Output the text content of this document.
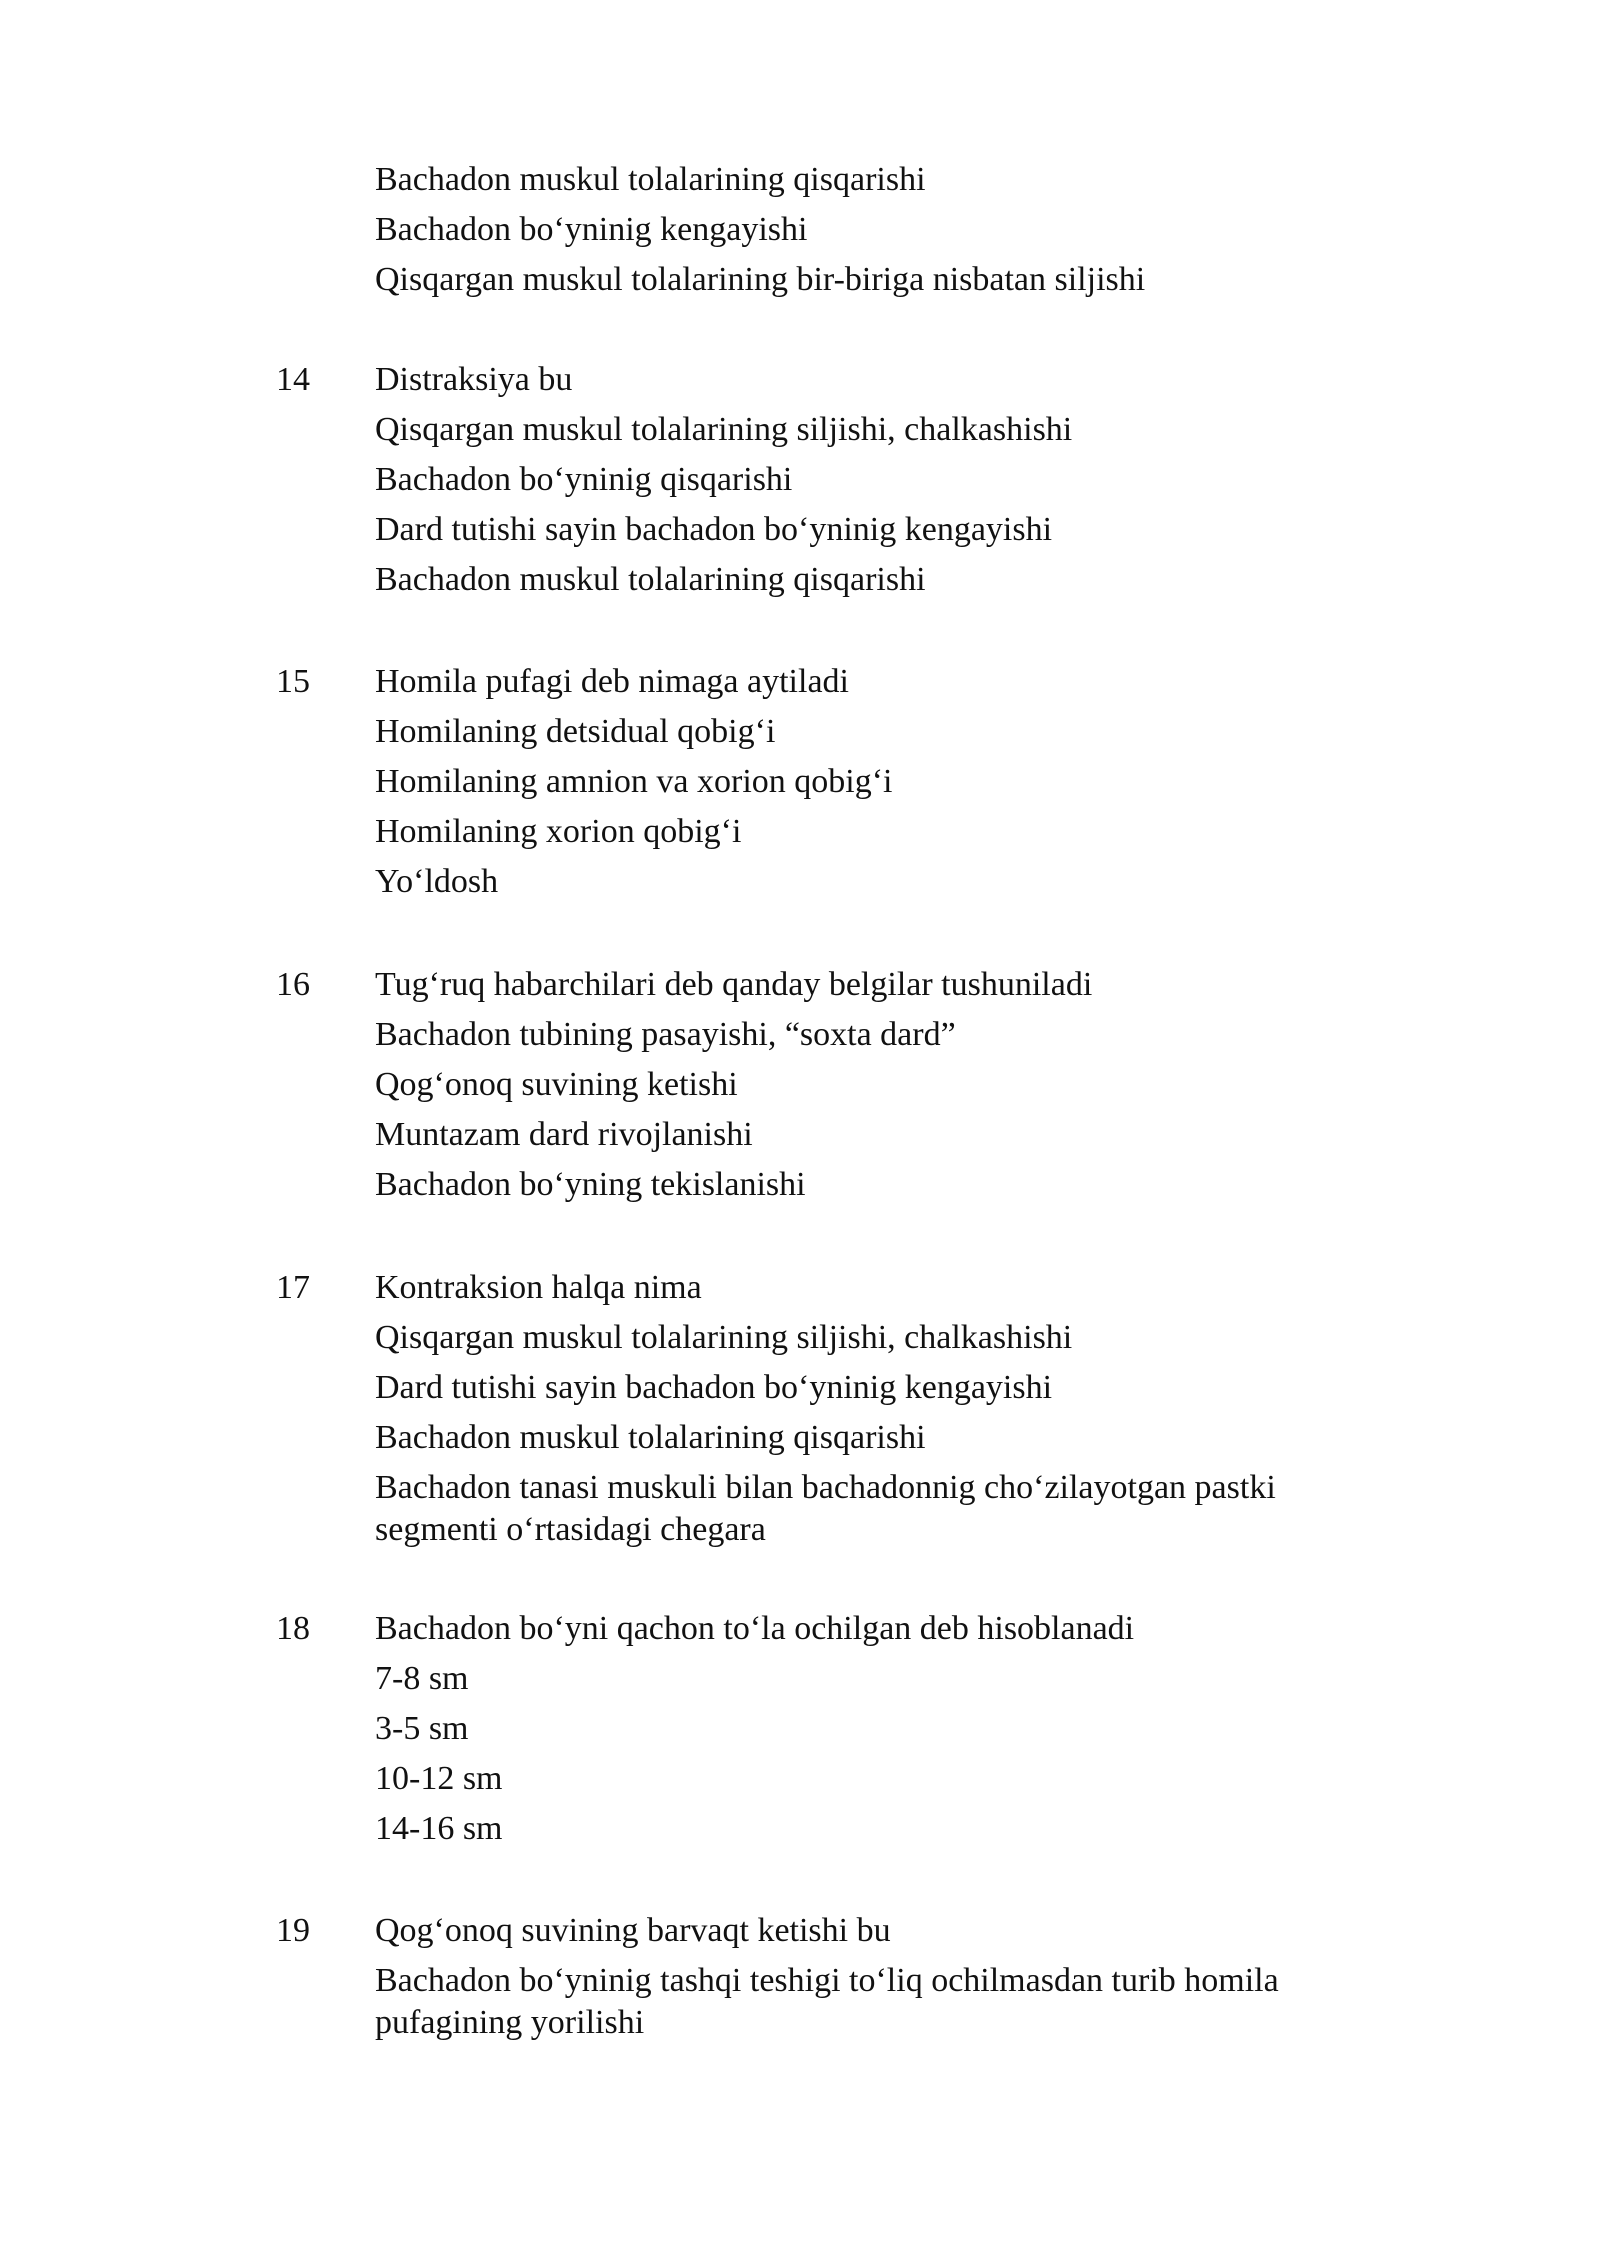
Bachadon muskul tolalarining qisqarishi
Bachadon bo‘yninig kengayishi
Qisqargan muskul tolalarining bir-biriga nisbatan siljishi
14 Distraksiya bu
Qisqargan muskul tolalarining siljishi, chalkashishi
Bachadon bo‘yninig qisqarishi
Dard tutishi sayin bachadon bo‘yninig kengayishi
Bachadon muskul tolalarining qisqarishi
15 Homila pufagi deb nimaga aytiladi
Homilaning detsidual qobig‘i
Homilaning amnion va xorion qobig‘i
Homilaning xorion qobig‘i
Yo‘ldosh
16 Tug‘ruq habarchilari deb qanday belgilar tushuniladi
Bachadon tubining pasayishi, “soxta dard”
Qog‘onoq suvining ketishi
Muntazam dard rivojlanishi
Bachadon bo‘yning tekislanishi
17 Kontraksion halqa nima
Qisqargan muskul tolalarining siljishi, chalkashishi
Dard tutishi sayin bachadon bo‘yninig kengayishi
Bachadon muskul tolalarining qisqarishi
Bachadon tanasi muskuli bilan bachadonnig cho‘zilayotgan pastki segmenti o‘rtasidagi chegara
18 Bachadon bo‘yni qachon to‘la ochilgan deb hisoblanadi
7-8 sm
3-5 sm
10-12 sm
14-16 sm
19 Qog‘onoq suvining barvaqt ketishi bu
Bachadon bo‘yninig tashqi teshigi to‘liq ochilmasdan turib homila pufagining yorilishi
